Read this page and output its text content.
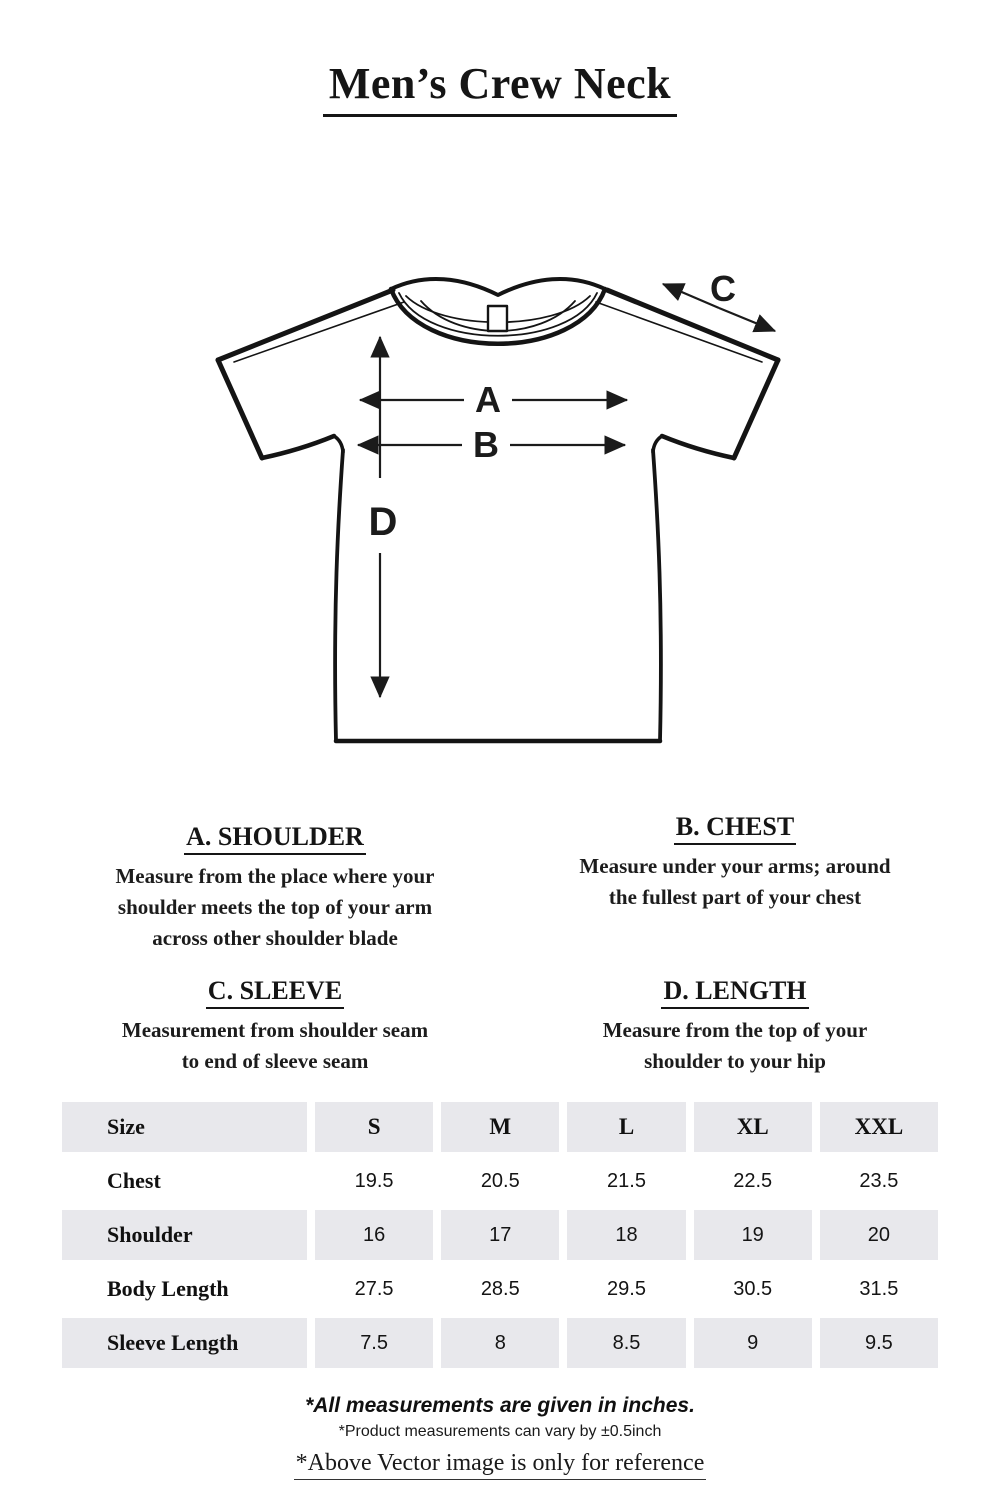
Men’s Crew Neck
A
B
C
D
A. SHOULDER
Measure from the place where your
shoulder meets the top of your arm
across other shoulder blade
B. CHEST
Measure under your arms; around
the fullest part of your chest
C. SLEEVE
Measurement from shoulder seam
to end of sleeve seam
D. LENGTH
Measure from the top of your
shoulder to your hip
Size	S	M	L	XL	XXL
Chest	19.5	20.5	21.5	22.5	23.5
Shoulder	16	17	18	19	20
Body Length	27.5	28.5	29.5	30.5	31.5
Sleeve Length	7.5	8	8.5	9	9.5
*All measurements are given in inches.
*Product measurements can vary by ±0.5inch
*Above Vector image is only for reference
